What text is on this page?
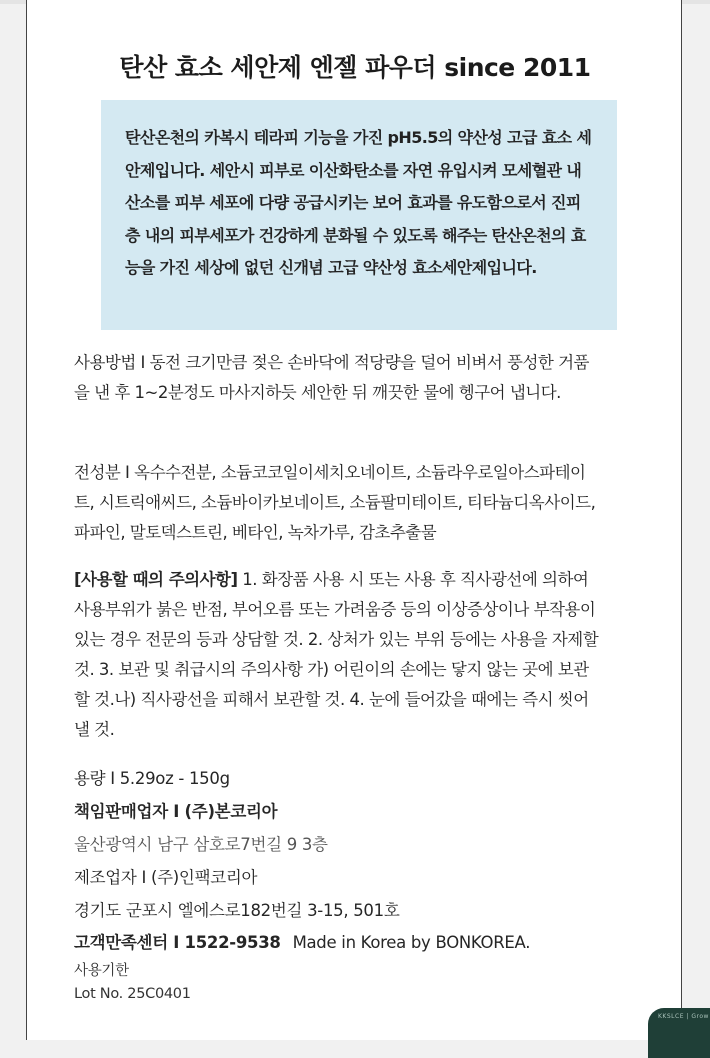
탄산 효소 세안제 엔젤 파우더 since 2011

탄산온천의 카복시 테라피 기능을 가진 pH5.5의 약산성 고급 효소 세안제입니다. 세안시 피부로 이산화탄소를 자연 유입시켜 모세혈관 내 산소를 피부 세포에 다량 공급시키는 보어 효과를 유도함으로서 진피층 내의 피부세포가 건강하게 분화될 수 있도록 해주는 탄산온천의 효능을 가진 세상에 없던 신개념 고급 약산성 효소세안제입니다.

사용방법 I 동전 크기만큼 젖은 손바닥에 적당량을 덜어 비벼서 풍성한 거품을 낸 후 1~2분정도 마사지하듯 세안한 뒤 깨끗한 물에 헹구어 냅니다.

전성분 I 옥수수전분, 소듐코코일이세치오네이트, 소듐라우로일아스파테이트, 시트릭애씨드, 소듐바이카보네이트, 소듐팔미테이트, 티타늄디옥사이드, 파파인, 말토덱스트린, 베타인, 녹차가루, 감초추출물

[사용할 때의 주의사항] 1. 화장품 사용 시 또는 사용 후 직사광선에 의하여 사용부위가 붉은 반점, 부어오름 또는 가려움증 등의 이상증상이나 부작용이 있는 경우 전문의 등과 상담할 것. 2. 상처가 있는 부위 등에는 사용을 자제할 것. 3. 보관 및 취급시의 주의사항 가) 어린이의 손에는 닿지 않는 곳에 보관할 것.나) 직사광선을 피해서 보관할 것. 4. 눈에 들어갔을 때에는 즉시 씻어낼 것.

용량 I 5.29oz - 150g
책임판매업자 I (주)본코리아
울산광역시 남구 삼호로7번길 9 3층
제조업자 I (주)인팩코리아
경기도 군포시 엘에스로182번길 3-15, 501호
고객만족센터 I 1522-9538 Made in Korea by BONKOREA.
사용기한
Lot No. 25C0401
KKSLCE | Grow
